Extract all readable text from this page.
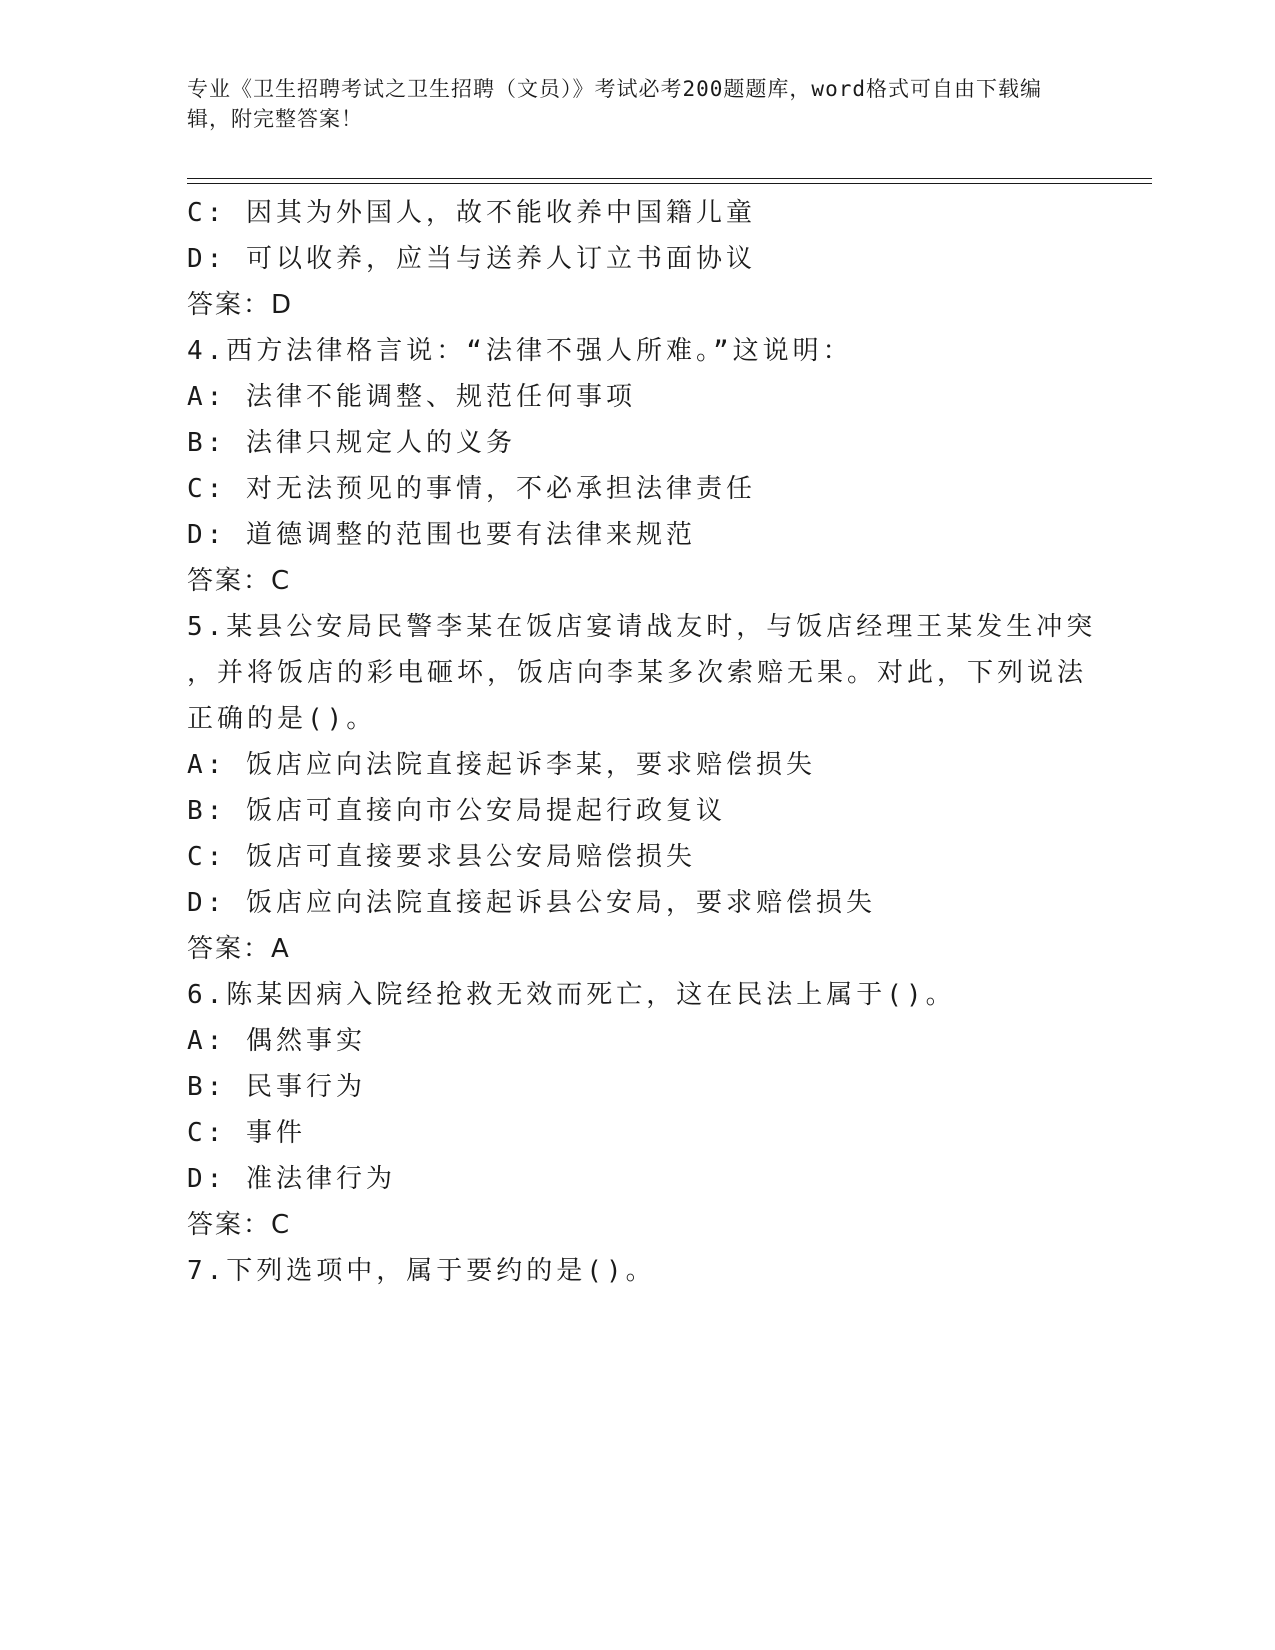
专业《卫生招聘考试之卫生招聘（文员）》考试必考200题题库，word格式可自由下载编辑，附完整答案！
C: 因其为外国人，故不能收养中国籍儿童
D: 可以收养，应当与送养人订立书面协议
答案：D
4.西方法律格言说：“法律不强人所难。”这说明：
A: 法律不能调整、规范任何事项
B: 法律只规定人的义务
C: 对无法预见的事情，不必承担法律责任
D: 道德调整的范围也要有法律来规范
答案：C
5.某县公安局民警李某在饭店宴请战友时，与饭店经理王某发生冲突
，并将饭店的彩电砸坏，饭店向李某多次索赔无果。对此，下列说法
正确的是()。
A: 饭店应向法院直接起诉李某，要求赔偿损失
B: 饭店可直接向市公安局提起行政复议
C: 饭店可直接要求县公安局赔偿损失
D: 饭店应向法院直接起诉县公安局，要求赔偿损失
答案：A
6.陈某因病入院经抢救无效而死亡，这在民法上属于()。
A: 偶然事实
B: 民事行为
C: 事件
D: 准法律行为
答案：C
7.下列选项中，属于要约的是()。
